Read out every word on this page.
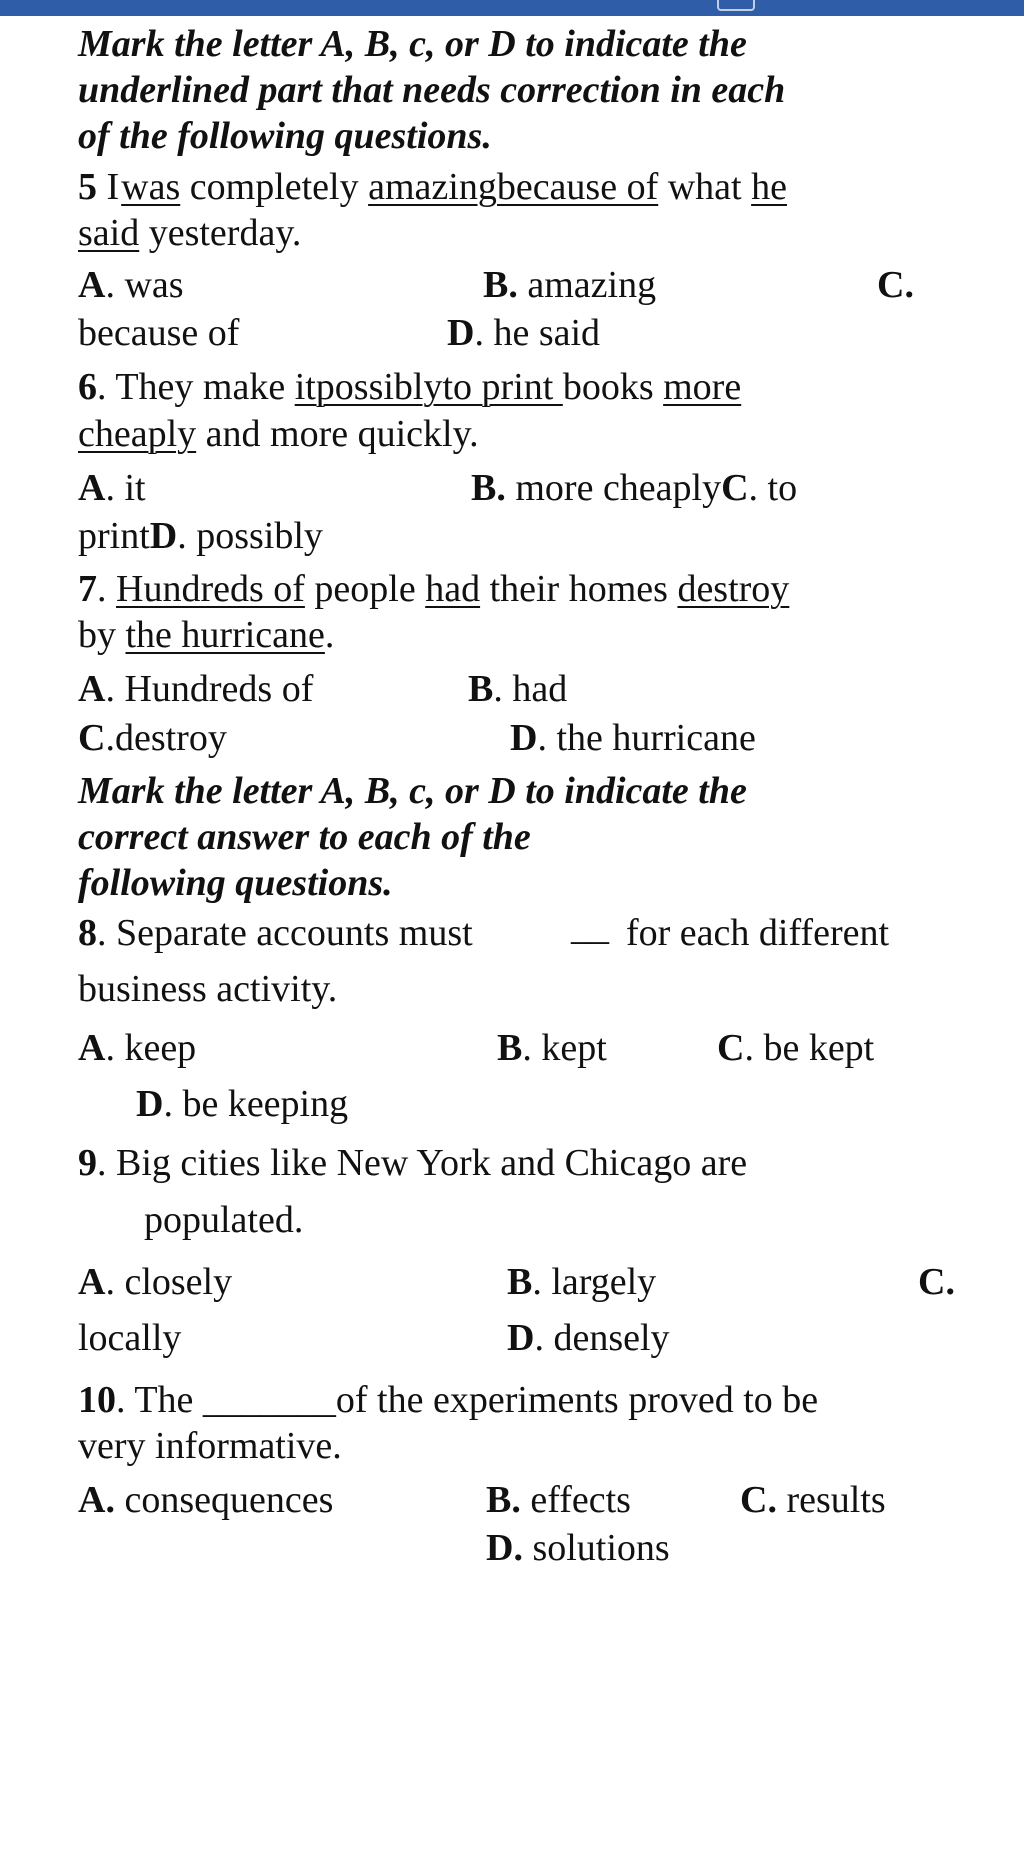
Mark the letter A, B, c, or D to indicate the
underlined part that needs correction in each
of the following questions.
5 Iwas completely amazingbecause of what he
said yesterday.
A. was	B. amazing	C.
because of	D. he said
6. They make itpossiblyto print books more
cheaply and more quickly.
A. it	B. more cheaplyC. to
printD. possibly
7. Hundreds of people had their homes destroy
by the hurricane.
A. Hundreds of	B. had
C.destroy	D. the hurricane
Mark the letter A, B, c, or D to indicate the
correct answer to each of the
following questions.
8. Separate accounts must	__ for each different
business activity.
A. keep	B. kept	C. be kept
D. be keeping
9. Big cities like New York and Chicago are
populated.
A. closely	B. largely	C.
locally	D. densely
10. The _______of the experiments proved to be
very informative.
A. consequences	B. effects	C. results
D. solutions
